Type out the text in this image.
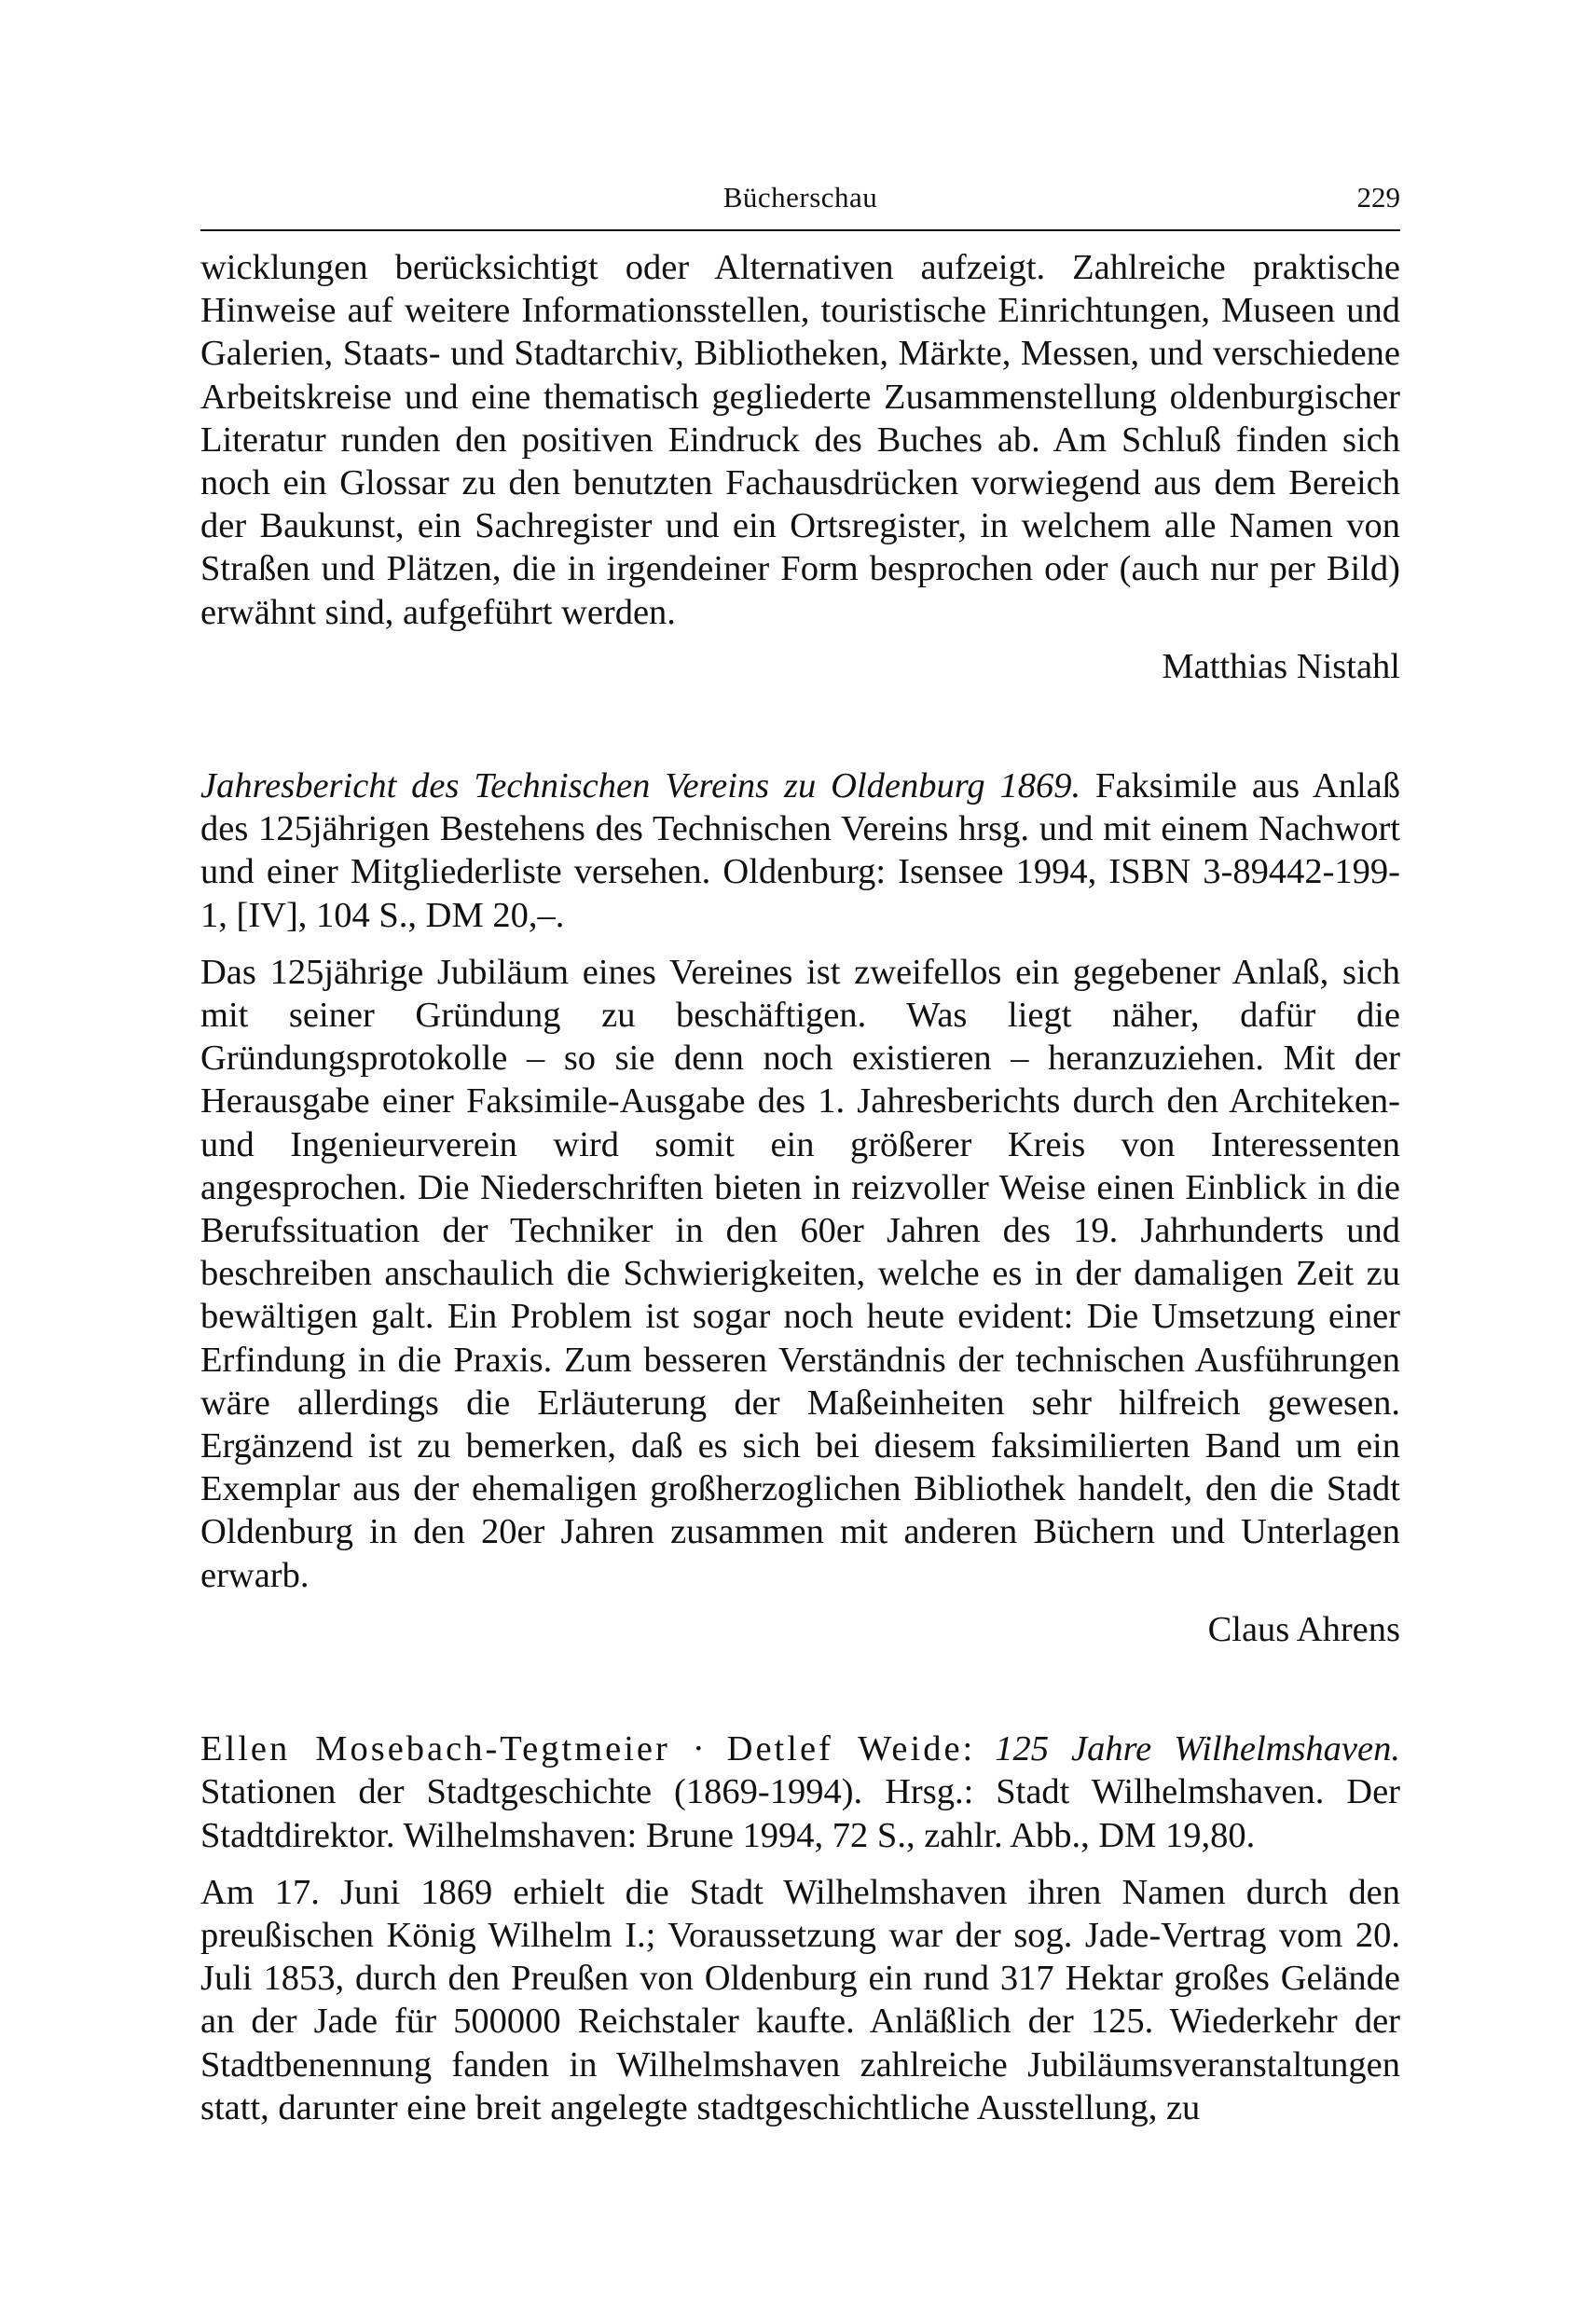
Bücherschau	229

wicklungen berücksichtigt oder Alternativen aufzeigt. Zahlreiche praktische Hinweise auf weitere Informationsstellen, touristische Einrichtungen, Museen und Galerien, Staats- und Stadtarchiv, Bibliotheken, Märkte, Messen, und verschiedene Arbeitskreise und eine thematisch gegliederte Zusammenstellung oldenburgischer Literatur runden den positiven Eindruck des Buches ab. Am Schluß finden sich noch ein Glossar zu den benutzten Fachausdrücken vorwiegend aus dem Bereich der Baukunst, ein Sachregister und ein Ortsregister, in welchem alle Namen von Straßen und Plätzen, die in irgendeiner Form besprochen oder (auch nur per Bild) erwähnt sind, aufgeführt werden.

Matthias Nistahl

Jahresbericht des Technischen Vereins zu Oldenburg 1869. Faksimile aus Anlaß des 125jährigen Bestehens des Technischen Vereins hrsg. und mit einem Nachwort und einer Mitgliederliste versehen. Oldenburg: Isensee 1994, ISBN 3-89442-199-1, [IV], 104 S., DM 20,–.

Das 125jährige Jubiläum eines Vereines ist zweifellos ein gegebener Anlaß, sich mit seiner Gründung zu beschäftigen. Was liegt näher, dafür die Gründungsprotokolle – so sie denn noch existieren – heranzuziehen. Mit der Herausgabe einer Faksimile-Ausgabe des 1. Jahresberichts durch den Architeken- und Ingenieurverein wird somit ein größerer Kreis von Interessenten angesprochen. Die Niederschriften bieten in reizvoller Weise einen Einblick in die Berufssituation der Techniker in den 60er Jahren des 19. Jahrhunderts und beschreiben anschaulich die Schwierigkeiten, welche es in der damaligen Zeit zu bewältigen galt. Ein Problem ist sogar noch heute evident: Die Umsetzung einer Erfindung in die Praxis. Zum besseren Verständnis der technischen Ausführungen wäre allerdings die Erläuterung der Maßeinheiten sehr hilfreich gewesen. Ergänzend ist zu bemerken, daß es sich bei diesem faksimilierten Band um ein Exemplar aus der ehemaligen großherzoglichen Bibliothek handelt, den die Stadt Oldenburg in den 20er Jahren zusammen mit anderen Büchern und Unterlagen erwarb.

Claus Ahrens

Ellen Mosebach-Tegtmeier · Detlef Weide: 125 Jahre Wilhelmshaven. Stationen der Stadtgeschichte (1869-1994). Hrsg.: Stadt Wilhelmshaven. Der Stadtdirektor. Wilhelmshaven: Brune 1994, 72 S., zahlr. Abb., DM 19,80.

Am 17. Juni 1869 erhielt die Stadt Wilhelmshaven ihren Namen durch den preußischen König Wilhelm I.; Voraussetzung war der sog. Jade-Vertrag vom 20. Juli 1853, durch den Preußen von Oldenburg ein rund 317 Hektar großes Gelände an der Jade für 500000 Reichstaler kaufte. Anläßlich der 125. Wiederkehr der Stadtbenennung fanden in Wilhelmshaven zahlreiche Jubiläumsveranstaltungen statt, darunter eine breit angelegte stadtgeschichtliche Ausstellung, zu
